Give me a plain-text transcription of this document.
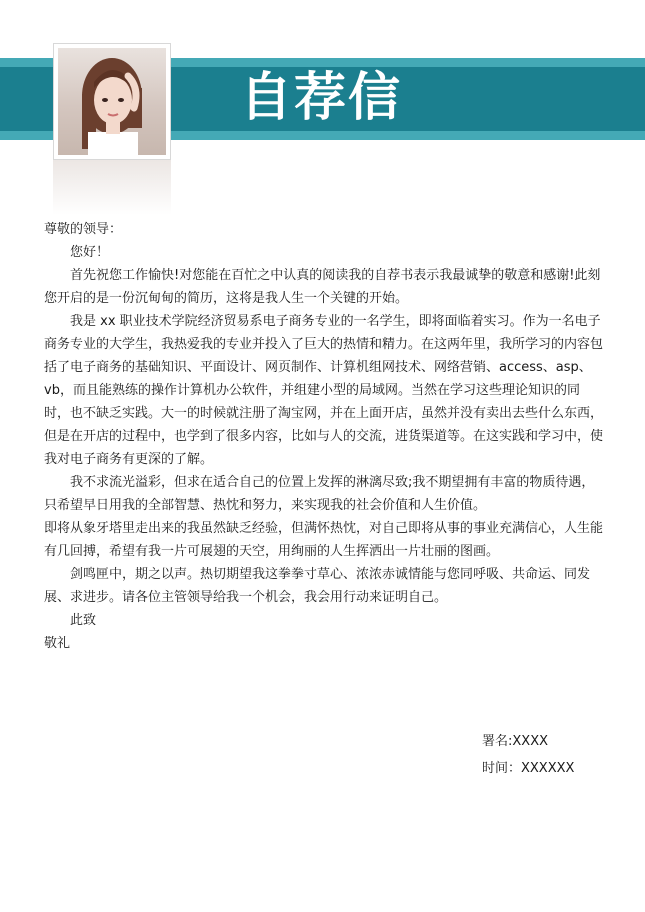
自荐信

尊敬的领导：

您好！

首先祝您工作愉快!对您能在百忙之中认真的阅读我的自荐书表示我最诚挚的敬意和感谢!此刻您开启的是一份沉甸甸的简历，这将是我人生一个关键的开始。

我是 xx 职业技术学院经济贸易系电子商务专业的一名学生，即将面临着实习。作为一名电子商务专业的大学生，我热爱我的专业并投入了巨大的热情和精力。在这两年里，我所学习的内容包括了电子商务的基础知识、平面设计、网页制作、计算机组网技术、网络营销、access、asp、vb，而且能熟练的操作计算机办公软件，并组建小型的局域网。当然在学习这些理论知识的同时，也不缺乏实践。大一的时候就注册了淘宝网，并在上面开店，虽然并没有卖出去些什么东西，但是在开店的过程中，也学到了很多内容，比如与人的交流，进货渠道等。在这实践和学习中，使我对电子商务有更深的了解。

我不求流光溢彩，但求在适合自己的位置上发挥的淋漓尽致;我不期望拥有丰富的物质待遇，只希望早日用我的全部智慧、热忱和努力，来实现我的社会价值和人生价值。

即将从象牙塔里走出来的我虽然缺乏经验，但满怀热忱，对自己即将从事的事业充满信心，人生能有几回搏，希望有我一片可展翅的天空，用绚丽的人生挥洒出一片壮丽的图画。

剑鸣匣中，期之以声。热切期望我这拳拳寸草心、浓浓赤诚情能与您同呼吸、共命运、同发展、求进步。请各位主管领导给我一个机会，我会用行动来证明自己。

此致

敬礼

署名:XXXX
时间：XXXXXX
